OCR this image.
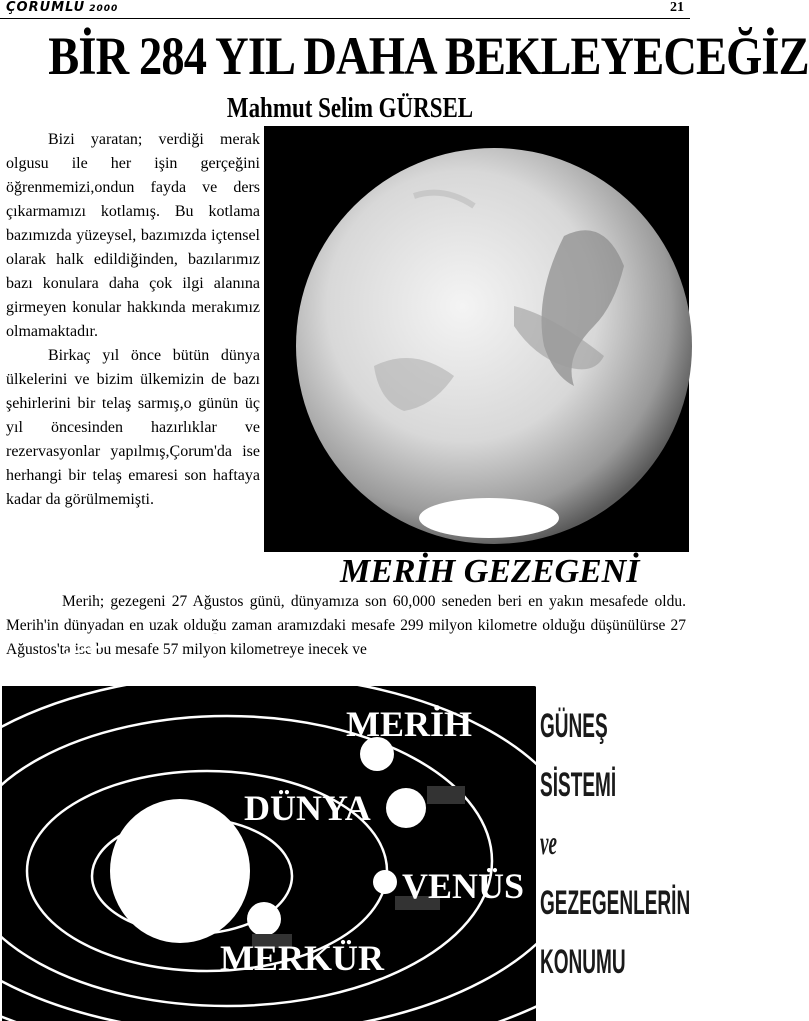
ÇORUMLU 2000	21
BİR 284 YIL DAHA BEKLEYECEĞİZ
Mahmut Selim GÜRSEL

Bizi yaratan; verdiği merak olgusu ile her işin gerçeğini öğrenmemizi,ondun fayda ve ders çıkarmamızı kotlamış. Bu kotlama bazımızda yüzeysel, bazımızda içtensel olarak halk edildiğinden, bazılarımız bazı konulara daha çok ilgi alanına girmeyen konular hakkında merakımız olmamaktadır.

Birkaç yıl önce bütün dünya ülkelerini ve bizim ülkemizin de bazı şehirlerini bir telaş sarmış,o günün üç yıl öncesinden hazırlıklar ve rezervasyonlar yapılmış,Çorum'da ise herhangi bir telaş emaresi son haftaya kadar da görülmemişti.

MERİH GEZEGENİ

Merih; gezegeni 27 Ağustos günü, dünyamıza son 60,000 seneden beri en yakın mesafede oldu. Merih'in dünyadan en uzak olduğu zaman aramızdaki mesafe 299 milyon kilometre olduğu düşünülürse 27 Ağustos'ta ise bu mesafe 57 milyon kilometreye inecek ve

MERİH
DÜNYA
VENÜS
MERKÜR
GÜNEŞ
SİSTEMİ
ve
GEZEGENLERİN
KONUMU
